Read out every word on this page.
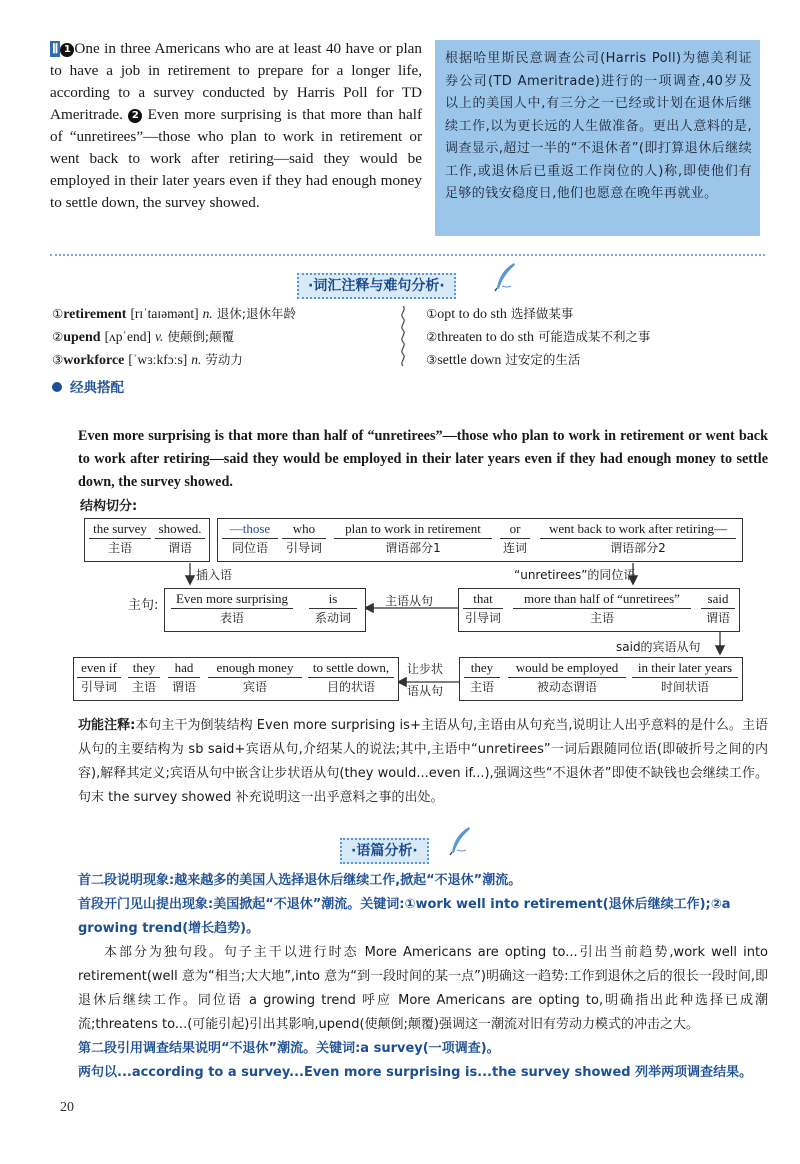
Ⅱ 1 One in three Americans who are at least 40 have or plan to have a job in retirement to prepare for a longer life, according to a survey conducted by Harris Poll for TD Ameritrade. 2 Even more surprising is that more than half of “unretirees”—those who plan to work in retirement or went back to work after retiring—said they would be employed in their later years even if they had enough money to settle down, the survey showed.
根据哈里斯民意调查公司(Harris Poll)为德美利证券公司(TD Ameritrade)进行的一项调查,40岁及以上的美国人中,有三分之一已经或计划在退休后继续工作,以为更长远的人生做准备。更出人意料的是,调查显示,超过一半的“不退休者”(即打算退休后继续工作,或退休后已重返工作岗位的人)称,即使他们有足够的钱安稳度日,他们也愿意在晚年再就业。
·词汇注释与难句分析·
①retirement [rɪˈtaɪəmənt] n. 退休;退休年龄
②upend [ʌpˈend] v. 使颠倒;颠覆
③workforce [ˈwɜːkfɔːs] n. 劳动力
①opt to do sth 选择做某事
②threaten to do sth 可能造成某不利之事
③settle down 过安定的生活
经典搭配
Even more surprising is that more than half of “unretirees”—those who plan to work in retirement or went back to work after retiring—said they would be employed in their later years even if they had enough money to settle down, the survey showed.
结构切分:
the survey
主语
showed.
谓语
—those
同位语
who
引导词
plan to work in retirement
谓语部分1
or
连词
went back to work after retiring—
谓语部分2
插入语	“unretirees”的同位语
主句:	Even more surprising
表语
is
系动词
主语从句	that
引导词
more than half of “unretirees”
主语
said
谓语
said的宾语从句
even if
引导词
they
主语
had
谓语
enough money
宾语
to settle down,
目的状语
让步状
语从句
they
主语
would be employed
被动态谓语
in their later years
时间状语
功能注释:本句主干为倒装结构 Even more surprising is+主语从句,主语由从句充当,说明让人出乎意料的是什么。主语从句的主要结构为 sb said+宾语从句,介绍某人的说法;其中,主语中“unretirees”一词后跟随同位语(即破折号之间的内容),解释其定义;宾语从句中嵌含让步状语从句(they would...even if...),强调这些“不退休者”即使不缺钱也会继续工作。句末 the survey showed 补充说明这一出乎意料之事的出处。
·语篇分析·
首二段说明现象:越来越多的美国人选择退休后继续工作,掀起“不退休”潮流。
首段开门见山提出现象:美国掀起“不退休”潮流。关键词:①work well into retirement(退休后继续工作);②a growing trend(增长趋势)。
本部分为独句段。句子主干以进行时态 More Americans are opting to...引出当前趋势,work well into retirement(well 意为“相当;大大地”,into 意为“到一段时间的某一点”)明确这一趋势:工作到退休之后的很长一段时间,即退休后继续工作。同位语 a growing trend 呼应 More Americans are opting to,明确指出此种选择已成潮流;threatens to...(可能引起)引出其影响,upend(使颠倒;颠覆)强调这一潮流对旧有劳动力模式的冲击之大。
第二段引用调查结果说明“不退休”潮流。关键词:a survey(一项调查)。
两句以...according to a survey...Even more surprising is...the survey showed 列举两项调查结果。
20
